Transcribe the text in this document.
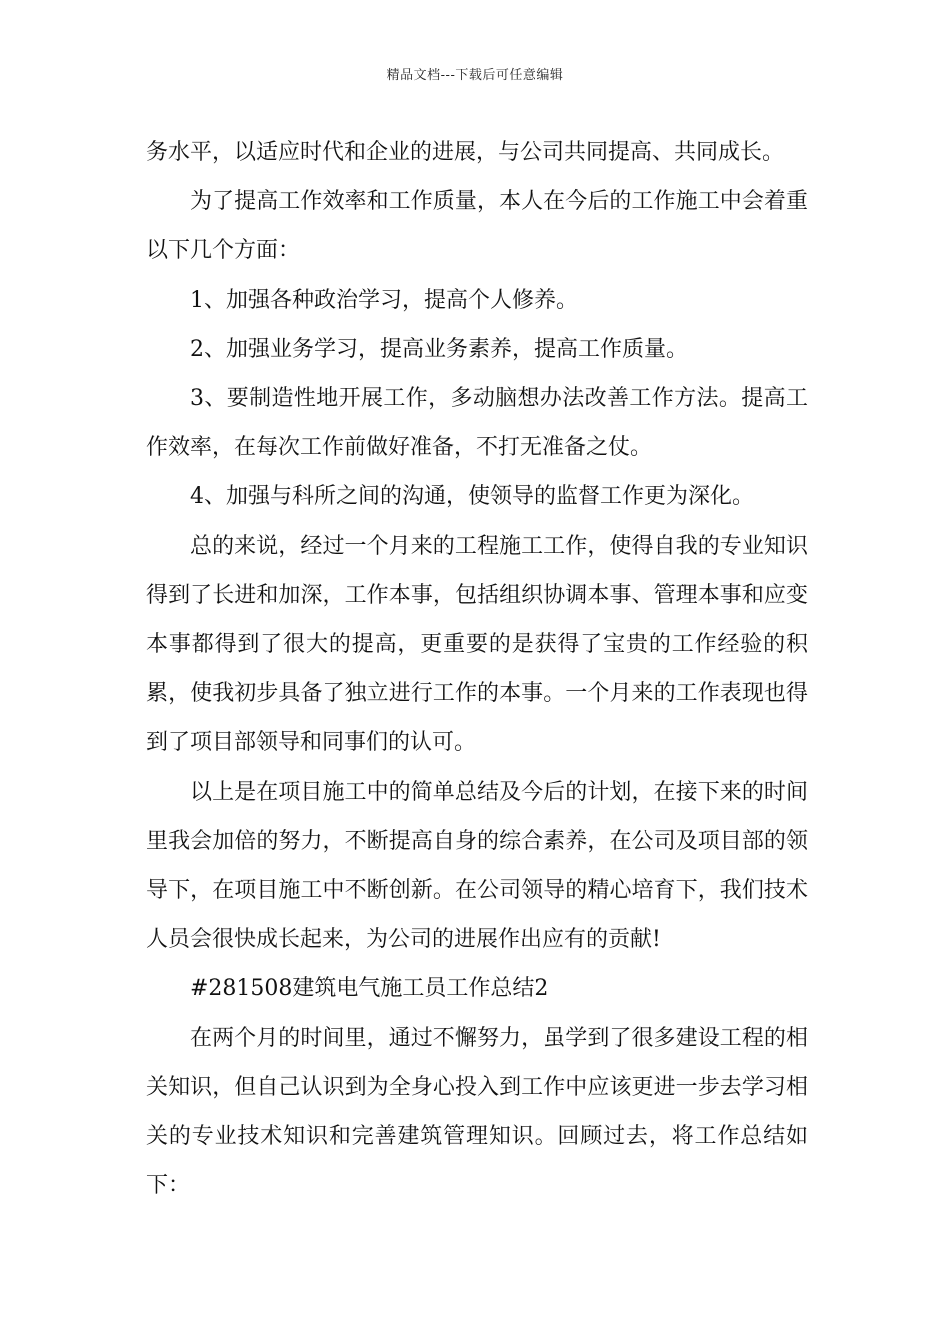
精品文档---下载后可任意编辑

务水平，以适应时代和企业的进展，与公司共同提高、共同成长。

为了提高工作效率和工作质量，本人在今后的工作施工中会着重以下几个方面：

1、加强各种政治学习，提高个人修养。

2、加强业务学习，提高业务素养，提高工作质量。

3、要制造性地开展工作，多动脑想办法改善工作方法。提高工作效率，在每次工作前做好准备，不打无准备之仗。

4、加强与科所之间的沟通，使领导的监督工作更为深化。

总的来说，经过一个月来的工程施工工作，使得自我的专业知识得到了长进和加深，工作本事，包括组织协调本事、管理本事和应变本事都得到了很大的提高，更重要的是获得了宝贵的工作经验的积累，使我初步具备了独立进行工作的本事。一个月来的工作表现也得到了项目部领导和同事们的认可。

以上是在项目施工中的简单总结及今后的计划，在接下来的时间里我会加倍的努力，不断提高自身的综合素养，在公司及项目部的领导下，在项目施工中不断创新。在公司领导的精心培育下，我们技术人员会很快成长起来，为公司的进展作出应有的贡献!

#281508建筑电气施工员工作总结2

在两个月的时间里，通过不懈努力，虽学到了很多建设工程的相关知识，但自己认识到为全身心投入到工作中应该更进一步去学习相关的专业技术知识和完善建筑管理知识。回顾过去，将工作总结如下：
